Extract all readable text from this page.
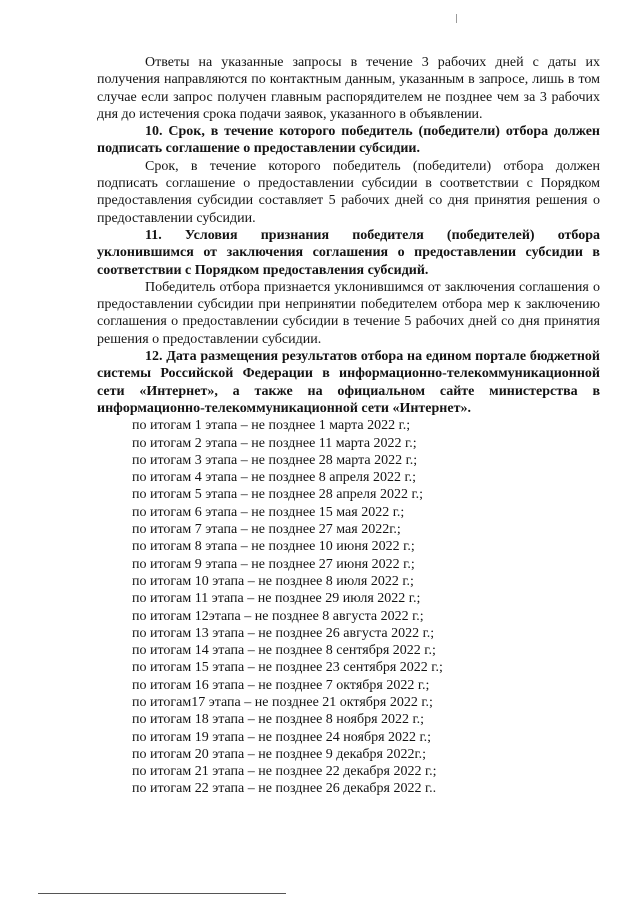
Ответы на указанные запросы в течение 3 рабочих дней с даты их получения направляются по контактным данным, указанным в запросе, лишь в том случае если запрос получен главным распорядителем не позднее чем за 3 рабочих дня до истечения срока подачи заявок, указанного в объявлении.

10. Срок, в течение которого победитель (победители) отбора должен подписать соглашение о предоставлении субсидии.

Срок, в течение которого победитель (победители) отбора должен подписать соглашение о предоставлении субсидии в соответствии с Порядком предоставления субсидии составляет 5 рабочих дней со дня принятия решения о предоставлении субсидии.

11. Условия признания победителя (победителей) отбора уклонившимся от заключения соглашения о предоставлении субсидии в соответствии с Порядком предоставления субсидий.

Победитель отбора признается уклонившимся от заключения соглашения о предоставлении субсидии при непринятии победителем отбора мер к заключению соглашения о предоставлении субсидии в течение 5 рабочих дней со дня принятия решения о предоставлении субсидии.

12. Дата размещения результатов отбора на едином портале бюджетной системы Российской Федерации в информационно-телекоммуникационной сети «Интернет», а также на официальном сайте министерства в информационно-телекоммуникационной сети «Интернет».

по итогам 1 этапа – не позднее 1 марта 2022 г.;
по итогам 2 этапа – не позднее 11 марта 2022 г.;
по итогам 3 этапа – не позднее 28 марта 2022 г.;
по итогам 4 этапа – не позднее 8 апреля 2022 г.;
по итогам 5 этапа – не позднее 28 апреля 2022 г.;
по итогам 6 этапа – не позднее 15 мая 2022 г.;
по итогам 7 этапа – не позднее 27 мая 2022г.;
по итогам 8 этапа – не позднее 10 июня 2022 г.;
по итогам 9 этапа – не позднее 27 июня 2022 г.;
по итогам 10 этапа – не позднее 8 июля 2022 г.;
по итогам 11 этапа – не позднее 29 июля 2022 г.;
по итогам 12этапа – не позднее 8 августа 2022 г.;
по итогам 13 этапа – не позднее 26 августа 2022 г.;
по итогам 14 этапа – не позднее 8 сентября 2022 г.;
по итогам 15 этапа – не позднее 23 сентября 2022 г.;
по итогам 16 этапа – не позднее 7 октября 2022 г.;
по итогам17 этапа – не позднее 21 октября 2022 г.;
по итогам 18 этапа – не позднее 8 ноября 2022 г.;
по итогам 19 этапа – не позднее 24 ноября 2022 г.;
по итогам 20 этапа – не позднее 9 декабря 2022г.;
по итогам 21 этапа – не позднее 22 декабря 2022 г.;
по итогам 22 этапа – не позднее 26 декабря 2022 г..
